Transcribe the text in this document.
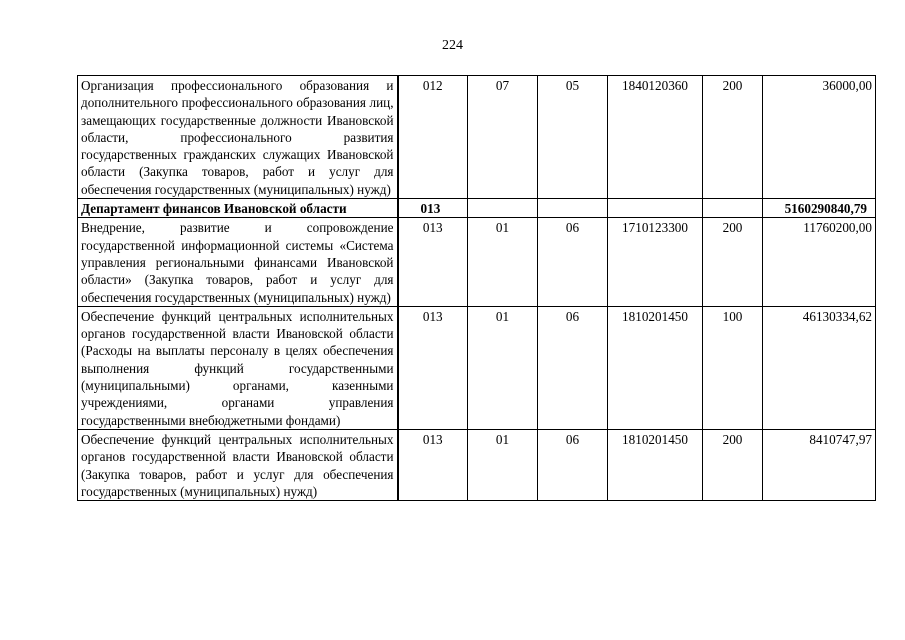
224
Организация профессионального образования и дополнительного профессионального образования лиц, замещающих государственные должности Ивановской области, профессионального развития государственных гражданских служащих Ивановской области (Закупка товаров, работ и услуг для обеспечения государственных (муниципальных) нужд)	012	07	05	1840120360	200	36000,00
Департамент финансов Ивановской области	013					5160290840,79
Внедрение, развитие и сопровождение государственной информационной системы «Система управления региональными финансами Ивановской области» (Закупка товаров, работ и услуг для обеспечения государственных (муниципальных) нужд)	013	01	06	1710123300	200	11760200,00
Обеспечение функций центральных исполнительных органов государственной власти Ивановской области (Расходы на выплаты персоналу в целях обеспечения выполнения функций государственными (муниципальными) органами, казенными учреждениями, органами управления государственными внебюджетными фондами)	013	01	06	1810201450	100	46130334,62
Обеспечение функций центральных исполнительных органов государственной власти Ивановской области (Закупка товаров, работ и услуг для обеспечения государственных (муниципальных) нужд)	013	01	06	1810201450	200	8410747,97
